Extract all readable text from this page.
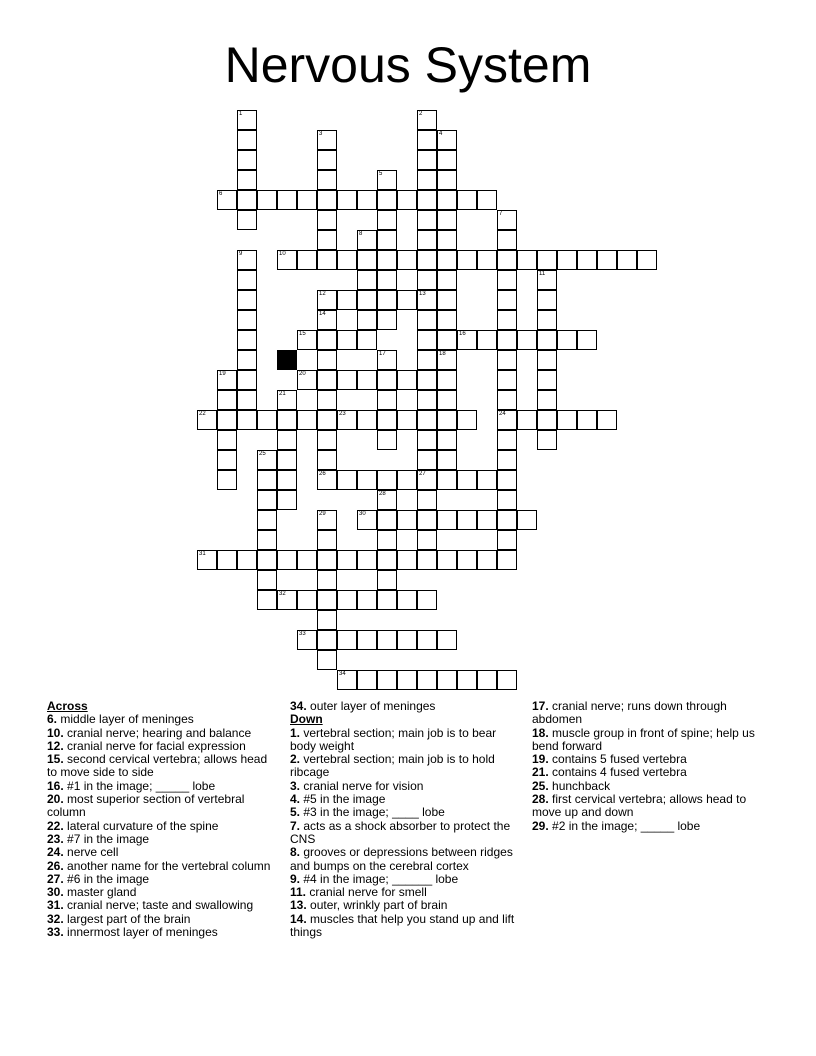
Nervous System
1	2
13
3	4
5
6
7
24
8
9	10
11
12
27
14
15	16
17	18
19	20
21
22	23
25
26
28
29	30
31
32
33
34

Across

6. middle layer of meninges

10. cranial nerve; hearing and balance

12. cranial nerve for facial expression

15. second cervical vertebra; allows head to move side to side

16. #1 in the image; _____ lobe

20. most superior section of vertebral column

22. lateral curvature of the spine

23. #7 in the image

24. nerve cell

26. another name for the vertebral column

27. #6 in the image

30. master gland

31. cranial nerve; taste and swallowing

32. largest part of the brain

33. innermost layer of meninges

34. outer layer of meninges

Down

1. vertebral section; main job is to bear body weight

2. vertebral section; main job is to hold ribcage

3. cranial nerve for vision

4. #5 in the image

5. #3 in the image; ____ lobe

7. acts as a shock absorber to protect the CNS

8. grooves or depressions between ridges and bumps on the cerebral cortex

9. #4 in the image; ______ lobe

11. cranial nerve for smell

13. outer, wrinkly part of brain

14. muscles that help you stand up and lift things

17. cranial nerve; runs down through abdomen

18. muscle group in front of spine; help us bend forward

19. contains 5 fused vertebra

21. contains 4 fused vertebra

25. hunchback

28. first cervical vertebra; allows head to move up and down

29. #2 in the image; _____ lobe
